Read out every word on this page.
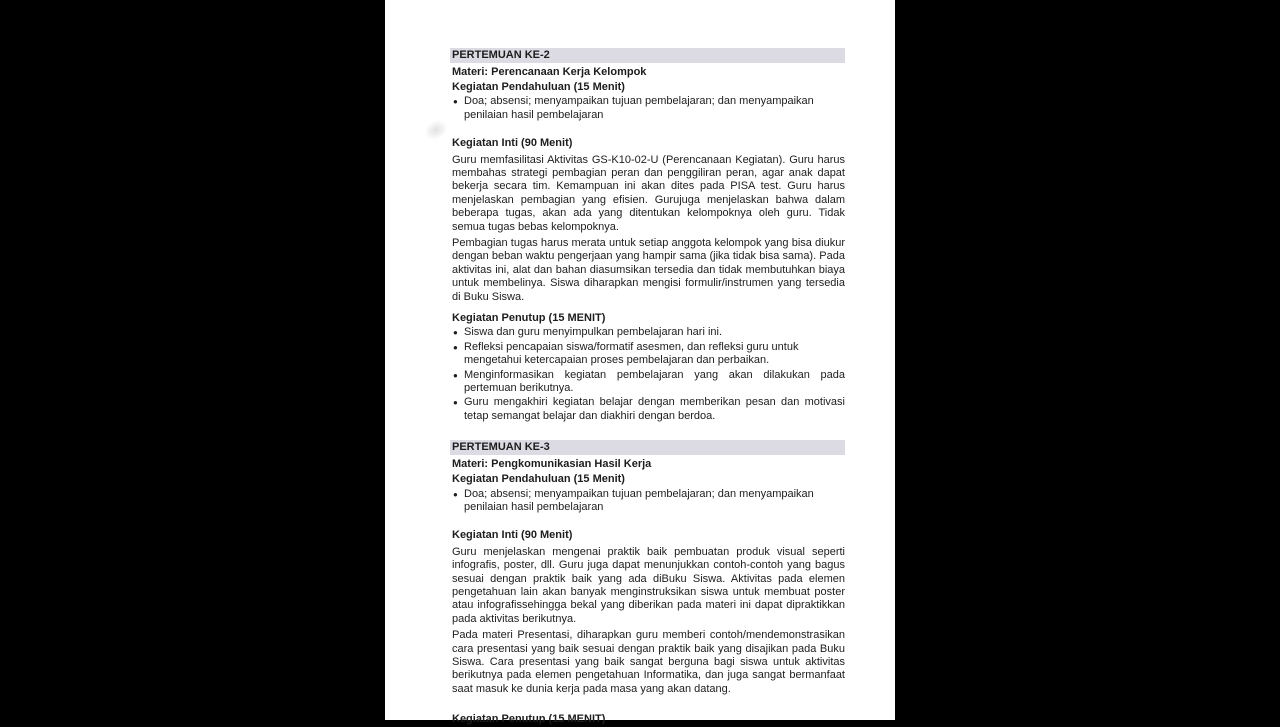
PERTEMUAN KE-2
Materi: Perencanaan Kerja Kelompok
Kegiatan Pendahuluan (15 Menit)
● Doa; absensi; menyampaikan tujuan pembelajaran; dan menyampaikan penilaian hasil pembelajaran
Kegiatan Inti (90 Menit)

Guru memfasilitasi Aktivitas GS-K10-02-U (Perencanaan Kegiatan). Guru harus membahas strategi pembagian peran dan penggiliran peran, agar anak dapat bekerja secara tim. Kemampuan ini akan dites pada PISA test. Guru harus menjelaskan pembagian yang efisien. Gurujuga menjelaskan bahwa dalam beberapa tugas, akan ada yang ditentukan kelompoknya oleh guru. Tidak semua tugas bebas kelompoknya.

Pembagian tugas harus merata untuk setiap anggota kelompok yang bisa diukur dengan beban waktu pengerjaan yang hampir sama (jika tidak bisa sama). Pada aktivitas ini, alat dan bahan diasumsikan tersedia dan tidak membutuhkan biaya untuk membelinya. Siswa diharapkan mengisi formulir/instrumen yang tersedia di Buku Siswa.

Kegiatan Penutup (15 MENIT)
● Siswa dan guru menyimpulkan pembelajaran hari ini.
● Refleksi pencapaian siswa/formatif asesmen, dan refleksi guru untuk mengetahui ketercapaian proses pembelajaran dan perbaikan.
● Menginformasikan kegiatan pembelajaran yang akan dilakukan pada pertemuan berikutnya.
● Guru mengakhiri kegiatan belajar dengan memberikan pesan dan motivasi tetap semangat belajar dan diakhiri dengan berdoa.
PERTEMUAN KE-3
Materi: Pengkomunikasian Hasil Kerja
Kegiatan Pendahuluan (15 Menit)
● Doa; absensi; menyampaikan tujuan pembelajaran; dan menyampaikan penilaian hasil pembelajaran
Kegiatan Inti (90 Menit)

Guru menjelaskan mengenai praktik baik pembuatan produk visual seperti infografis, poster, dll. Guru juga dapat menunjukkan contoh-contoh yang bagus sesuai dengan praktik baik yang ada diBuku Siswa. Aktivitas pada elemen pengetahuan lain akan banyak menginstruksikan siswa untuk membuat poster atau infografissehingga bekal yang diberikan pada materi ini dapat dipraktikkan pada aktivitas berikutnya.

Pada materi Presentasi, diharapkan guru memberi contoh/mendemonstrasikan cara presentasi yang baik sesuai dengan praktik baik yang disajikan pada Buku Siswa. Cara presentasi yang baik sangat berguna bagi siswa untuk aktivitas berikutnya pada elemen pengetahuan Informatika, dan juga sangat bermanfaat saat masuk ke dunia kerja pada masa yang akan datang.

Kegiatan Penutup (15 MENIT)
